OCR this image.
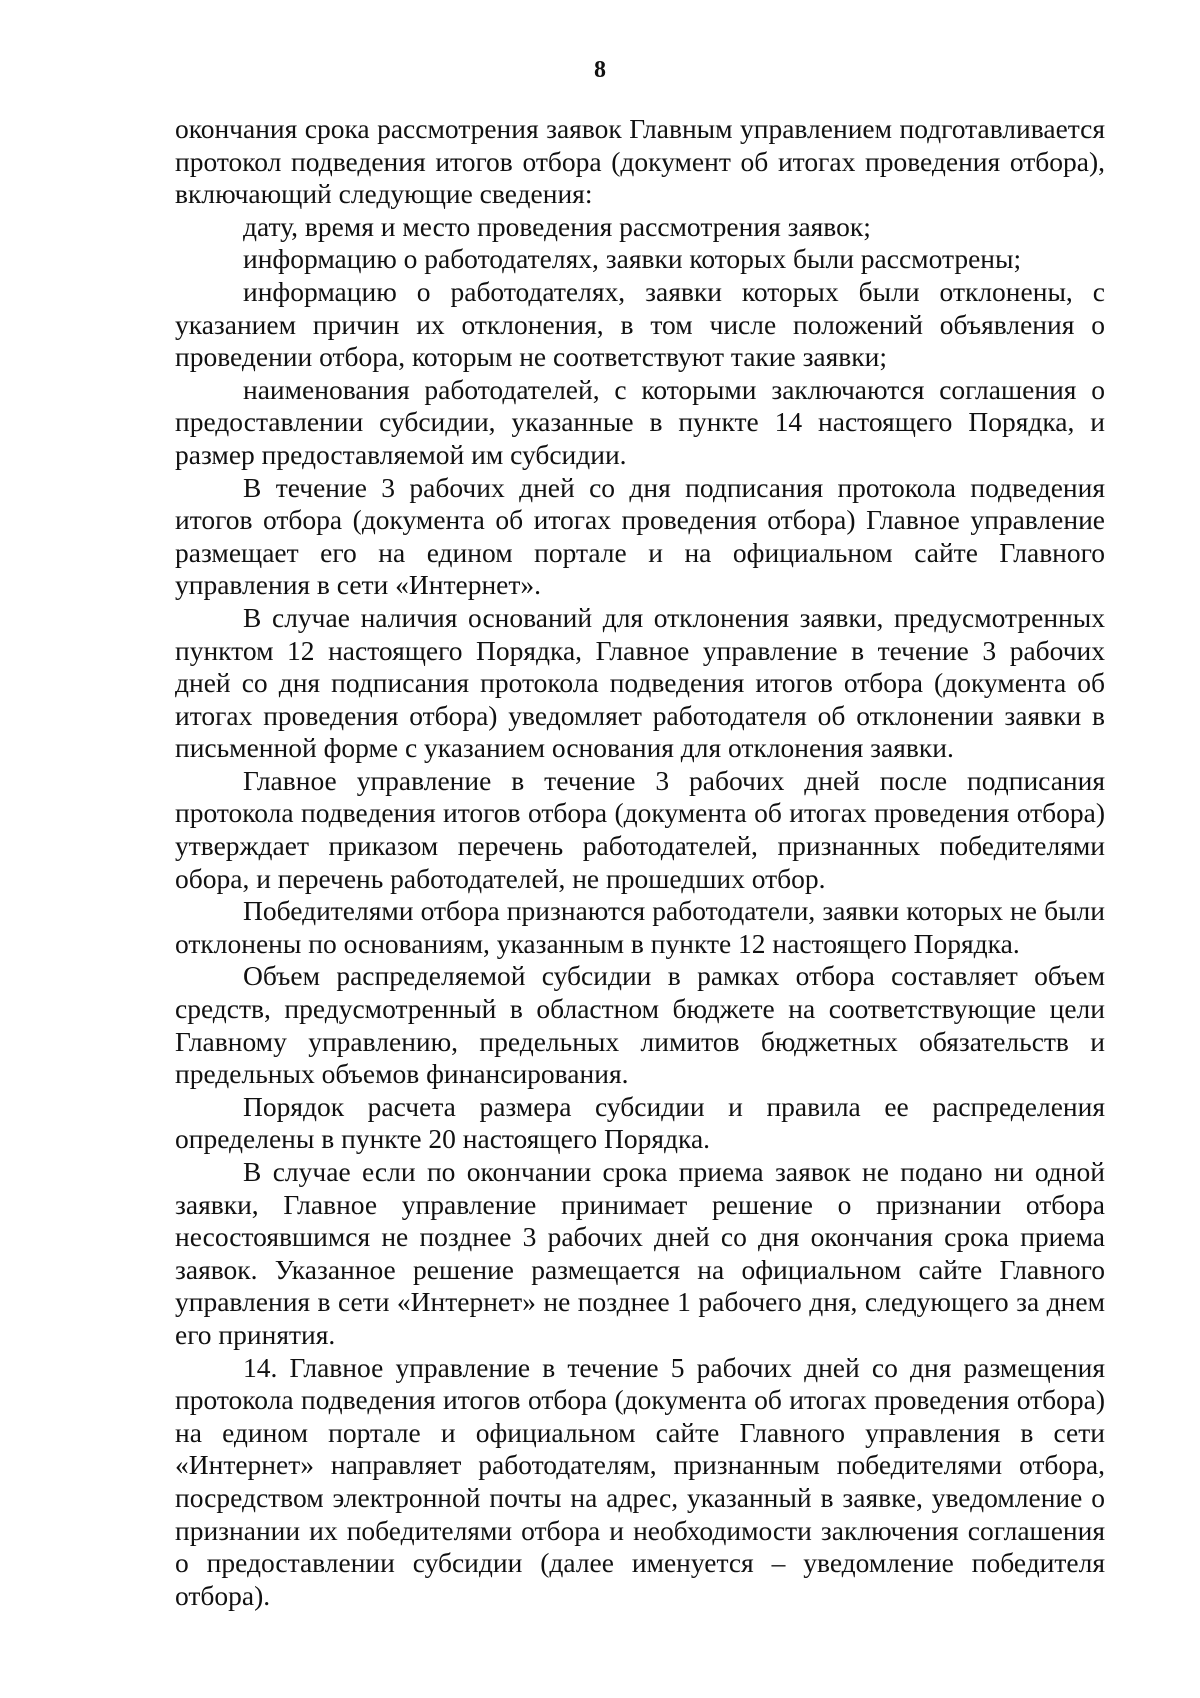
8

окончания срока рассмотрения заявок Главным управлением подготавливается протокол подведения итогов отбора (документ об итогах проведения отбора), включающий следующие сведения:

дату, время и место проведения рассмотрения заявок;

информацию о работодателях, заявки которых были рассмотрены;

информацию о работодателях, заявки которых были отклонены, с указанием причин их отклонения, в том числе положений объявления о проведении отбора, которым не соответствуют такие заявки;

наименования работодателей, с которыми заключаются соглашения о предоставлении субсидии, указанные в пункте 14 настоящего Порядка, и размер предоставляемой им субсидии.

В течение 3 рабочих дней со дня подписания протокола подведения итогов отбора (документа об итогах проведения отбора) Главное управление размещает его на едином портале и на официальном сайте Главного управления в сети «Интернет».

В случае наличия оснований для отклонения заявки, предусмотренных пунктом 12 настоящего Порядка, Главное управление в течение 3 рабочих дней со дня подписания протокола подведения итогов отбора (документа об итогах проведения отбора) уведомляет работодателя об отклонении заявки в письменной форме с указанием основания для отклонения заявки.

Главное управление в течение 3 рабочих дней после подписания протокола подведения итогов отбора (документа об итогах проведения отбора) утверждает приказом перечень работодателей, признанных победителями обора, и перечень работодателей, не прошедших отбор.

Победителями отбора признаются работодатели, заявки которых не были отклонены по основаниям, указанным в пункте 12 настоящего Порядка.

Объем распределяемой субсидии в рамках отбора составляет объем средств, предусмотренный в областном бюджете на соответствующие цели Главному управлению, предельных лимитов бюджетных обязательств и предельных объемов финансирования.

Порядок расчета размера субсидии и правила ее распределения определены в пункте 20 настоящего Порядка.

В случае если по окончании срока приема заявок не подано ни одной заявки, Главное управление принимает решение о признании отбора несостоявшимся не позднее 3 рабочих дней со дня окончания срока приема заявок. Указанное решение размещается на официальном сайте Главного управления в сети «Интернет» не позднее 1 рабочего дня, следующего за днем его принятия.

14. Главное управление в течение 5 рабочих дней со дня размещения протокола подведения итогов отбора (документа об итогах проведения отбора) на едином портале и официальном сайте Главного управления в сети «Интернет» направляет работодателям, признанным победителями отбора, посредством электронной почты на адрес, указанный в заявке, уведомление о признании их победителями отбора и необходимости заключения соглашения о предоставлении субсидии (далее именуется – уведомление победителя отбора).
